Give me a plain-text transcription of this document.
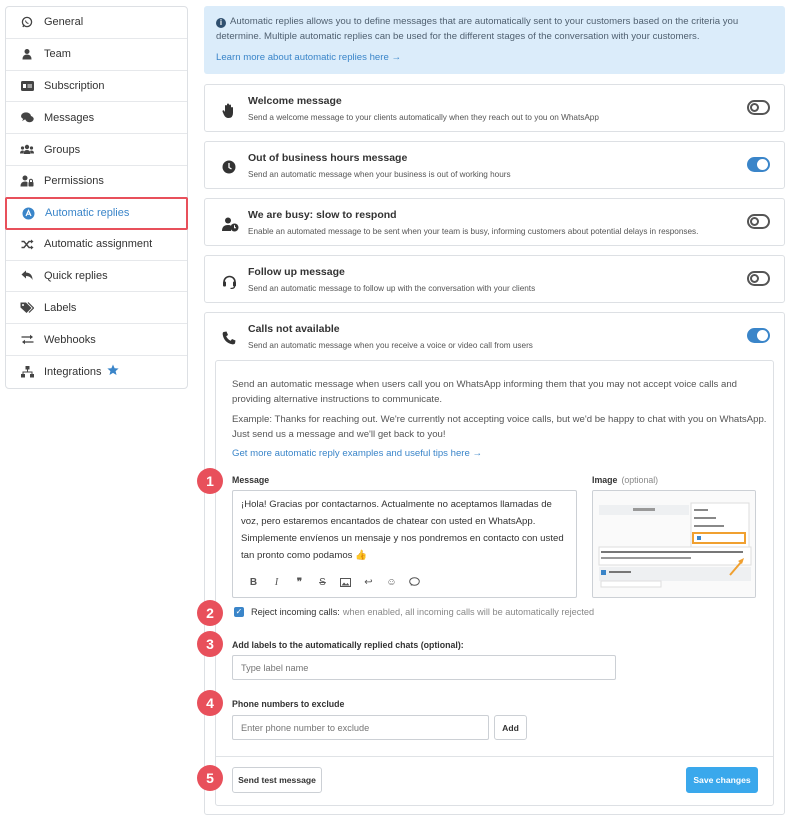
General
Team
Subscription
Messages
Groups
Permissions
Automatic replies
Automatic assignment
Quick replies
Labels
Webhooks
Integrations
i Automatic replies allows you to define messages that are automatically sent to your customers based on the criteria you determine. Multiple automatic replies can be used for the different stages of the conversation with your customers.
Learn more about automatic replies here →
Welcome message
Send a welcome message to your clients automatically when they reach out to you on WhatsApp
Out of business hours message
Send an automatic message when your business is out of working hours
We are busy: slow to respond
Enable an automated message to be sent when your team is busy, informing customers about potential delays in responses.
Follow up message
Send an automatic message to follow up with the conversation with your clients
Calls not available
Send an automatic message when you receive a voice or video call from users

Send an automatic message when users call you on WhatsApp informing them that you may not accept voice calls and providing alternative instructions to communicate.

Example: Thanks for reaching out. We're currently not accepting voice calls, but we'd be happy to chat with you on WhatsApp. Just send us a message and we'll get back to you!

Get more automatic reply examples and useful tips here →
Message	Image (optional)
¡Hola! Gracias por contactarnos. Actualmente no aceptamos llamadas de voz, pero estaremos encantados de chatear con usted en WhatsApp. Simplemente envíenos un mensaje y nos pondremos en contacto con usted tan pronto como podamos 👍
B	I	❞	S	↩	☺
✓ Reject incoming calls: when enabled, all incoming calls will be automatically rejected
Add labels to the automatically replied chats (optional):
Type label name
Phone numbers to exclude
Enter phone number to exclude
Add
Send test message	Save changes
1
2
3
4
5
